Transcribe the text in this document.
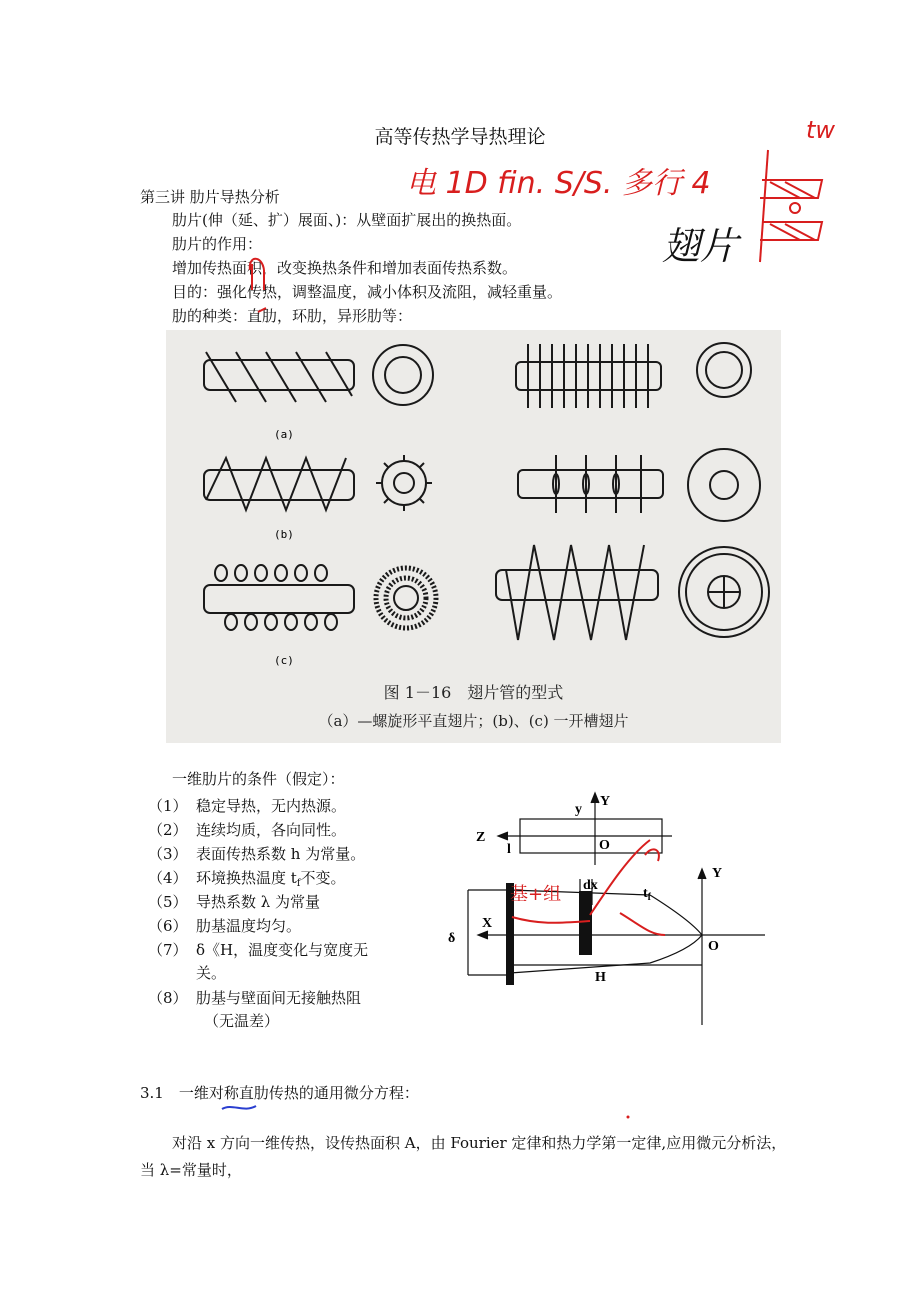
高等传热学导热理论
第三讲 肋片导热分析
肋片(伸（延、扩）展面、)：从壁面扩展出的换热面。
肋片的作用：
增加传热面积，改变换热条件和增加表面传热系数。
目的：强化传热，调整温度，减小体积及流阻，减轻重量。
肋的种类：直肋，环肋，异形肋等：
(a)
(b)
(c)
图 1－16　翅片管的型式
（a）—螺旋形平直翅片；(b)、(c) 一开槽翅片
一维肋片的条件（假定）：
（1） 稳定导热，无内热源。
（2） 连续均质，各向同性。
（3） 表面传热系数 h 为常量。
（4） 环境换热温度 $t_f$不变。
（5） 导热系数 λ 为常量
（6） 肋基温度均匀。
（7） δ《H，温度变化与宽度无
关。
（8） 肋基与壁面间无接触热阻
（无温差）
Y
y
Z
l	O
dx
$t_f$
Y
X
δ
O
H
基+组
3.1　一维对称直肋传热的通用微分方程：
对沿 x 方向一维传热，设传热面积 A，由 Fourier 定律和热力学第一定律,应用微元分析法，当 λ=常量时，
电 1D fin. S/S. 多行 4
翅片
tw
